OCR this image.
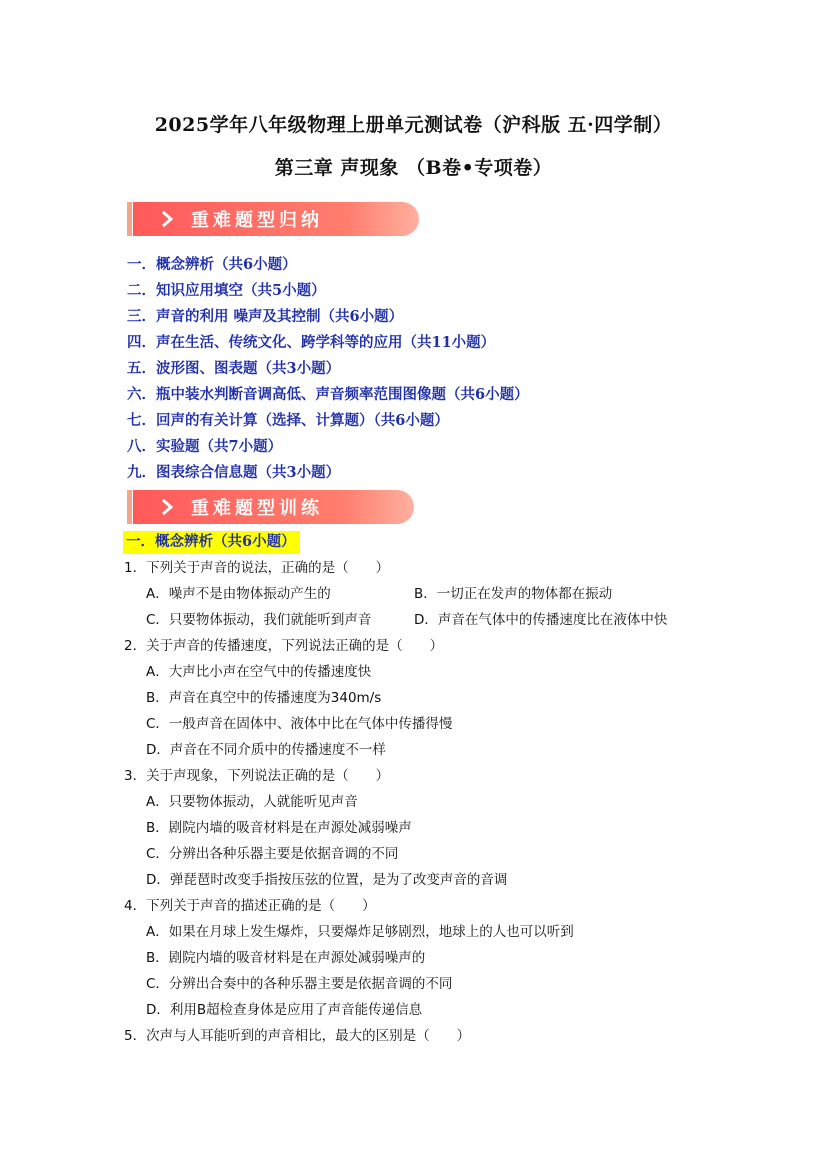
2025学年八年级物理上册单元测试卷（沪科版 五·四学制）
第三章 声现象 （B卷•专项卷）
重难题型归纳
一．概念辨析（共6小题）
二．知识应用填空（共5小题）
三．声音的利用 噪声及其控制（共6小题）
四．声在生活、传统文化、跨学科等的应用（共11小题）
五．波形图、图表题（共3小题）
六．瓶中装水判断音调高低、声音频率范围图像题（共6小题）
七．回声的有关计算（选择、计算题）（共6小题）
八．实验题（共7小题）
九．图表综合信息题（共3小题）
重难题型训练
一．概念辨析（共6小题）
1．下列关于声音的说法，正确的是（　　）
A．噪声不是由物体振动产生的	B．一切正在发声的物体都在振动
C．只要物体振动，我们就能听到声音	D．声音在气体中的传播速度比在液体中快
2．关于声音的传播速度，下列说法正确的是（　　）
A．大声比小声在空气中的传播速度快
B．声音在真空中的传播速度为340m/s
C．一般声音在固体中、液体中比在气体中传播得慢
D．声音在不同介质中的传播速度不一样
3．关于声现象，下列说法正确的是（　　）
A．只要物体振动，人就能听见声音
B．剧院内墙的吸音材料是在声源处减弱噪声
C．分辨出各种乐器主要是依据音调的不同
D．弹琵琶时改变手指按压弦的位置，是为了改变声音的音调
4．下列关于声音的描述正确的是（　　）
A．如果在月球上发生爆炸，只要爆炸足够剧烈，地球上的人也可以听到
B．剧院内墙的吸音材料是在声源处减弱噪声的
C．分辨出合奏中的各种乐器主要是依据音调的不同
D．利用B超检查身体是应用了声音能传递信息
5．次声与人耳能听到的声音相比，最大的区别是（　　）
